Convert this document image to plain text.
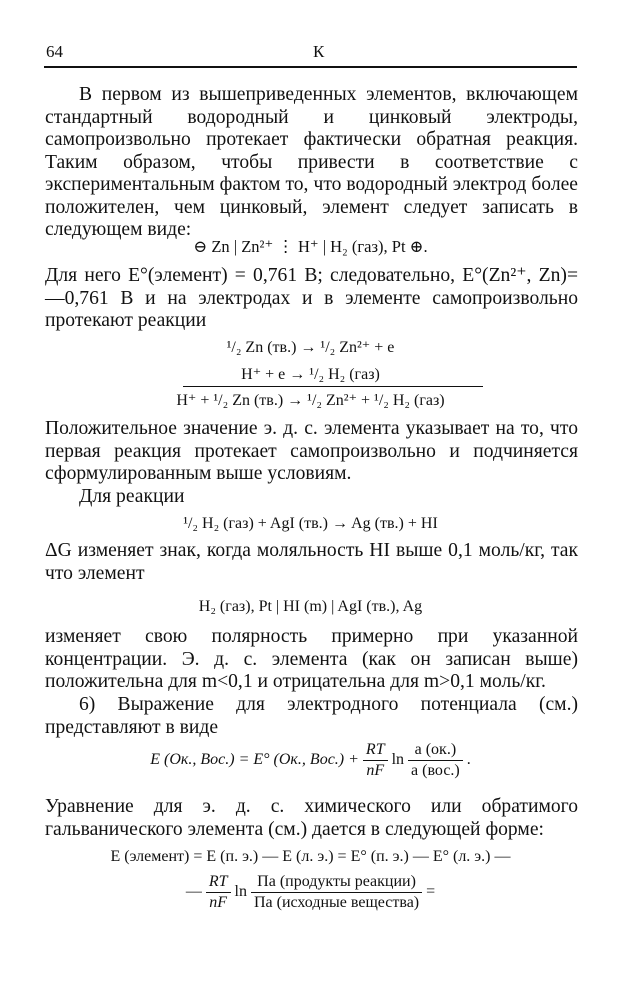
64	К
В первом из вышеприведенных элементов, включающем стандартный водородный и цинковый электроды, самопроизвольно протекает фактически обратная реакция. Таким образом, чтобы привести в соответствие с экспериментальным фактом то, что водородный электрод более положителен, чем цинковый, элемент следует записать в следующем виде:
⊖ Zn | Zn²⁺ ⋮ H⁺ | H₂ (газ), Pt ⊕.
Для него E°(элемент) = 0,761 В; следовательно, E°(Zn²⁺, Zn)= —0,761 В и на электродах и в элементе самопроизвольно протекают реакции
¹/₂ Zn (тв.) → ¹/₂ Zn²⁺ + e
H⁺ + e → ¹/₂ H₂ (газ)
H⁺ + ¹/₂ Zn (тв.) → ¹/₂ Zn²⁺ + ¹/₂ H₂ (газ)
Положительное значение э. д. с. элемента указывает на то, что первая реакция протекает самопроизвольно и подчиняется сформулированным выше условиям.
Для реакции
¹/₂ H₂ (газ) + AgI (тв.) → Ag (тв.) + HI
ΔG изменяет знак, когда моляльность HI выше 0,1 моль/кг, так что элемент
H₂ (газ), Pt | HI (m) | AgI (тв.), Ag
изменяет свою полярность примерно при указанной концентрации. Э. д. с. элемента (как он записан выше) положительна для m<0,1 и отрицательна для m>0,1 моль/кг.
6) Выражение для электродного потенциала (см.) представляют в виде
E (Ок., Вос.) = E° (Ок., $Вос.) + \frac{RT}{nF}$ $\ln \frac{a (ок.)}{\text{a (вос.)}}$ .
Уравнение для э. д. с. химического или обратимого гальванического элемента (см.) дается в следующей форме:
E (элемент) = E (п. э.) — E (л. э.) = E° (п. э.) — E° (л. э.) —
— $\frac{RT}{nF}$ $\ln \frac{\text{Πa (продукты реакции)}}{\text{Πa (исходные вещества)}}$ =
